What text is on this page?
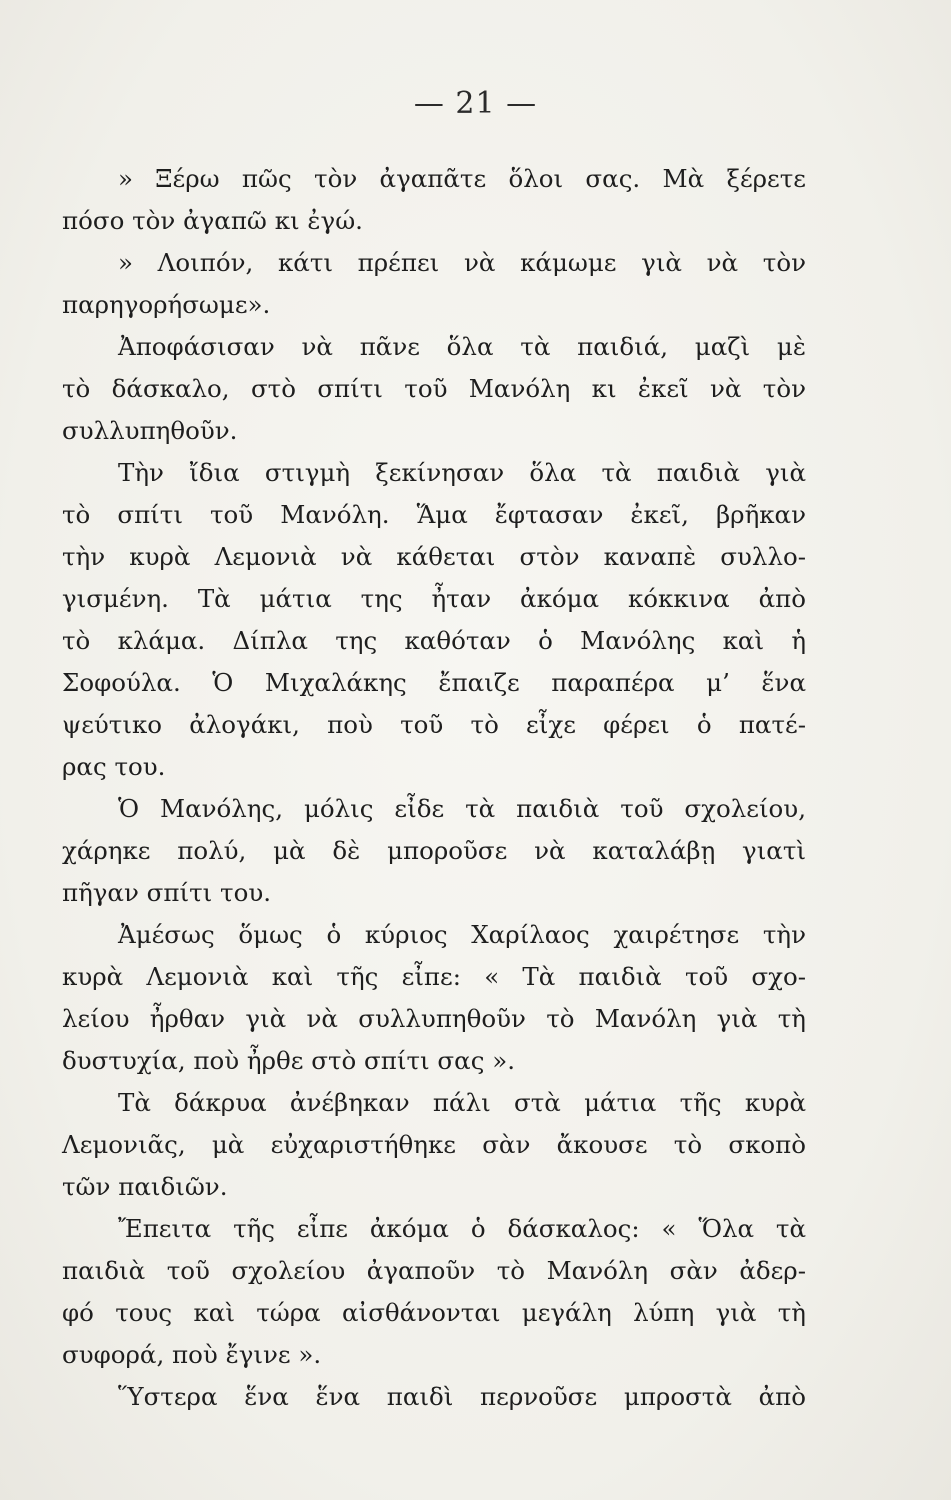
— 21 —
» Ξέρω πῶς τὸν ἀγαπᾶτε ὅλοι σας. Μὰ ξέρετε
πόσο τὸν ἀγαπῶ κι ἐγώ.
» Λοιπόν, κάτι πρέπει νὰ κάμωμε γιὰ νὰ τὸν
παρηγορήσωμε».
Ἀποφάσισαν νὰ πᾶνε ὅλα τὰ παιδιά, μαζὶ μὲ
τὸ δάσκαλο, στὸ σπίτι τοῦ Μανόλη κι ἐκεῖ νὰ τὸν
συλλυπηθοῦν.
Τὴν ἴδια στιγμὴ ξεκίνησαν ὅλα τὰ παιδιὰ γιὰ
τὸ σπίτι τοῦ Μανόλη. Ἅμα ἔφτασαν ἐκεῖ, βρῆκαν
τὴν κυρὰ Λεμονιὰ νὰ κάθεται στὸν καναπὲ συλλο-
γισμένη. Τὰ μάτια της ἦταν ἀκόμα κόκκινα ἀπὸ
τὸ κλάμα. Δίπλα της καθόταν ὁ Μανόλης καὶ ἡ
Σοφούλα. Ὁ Μιχαλάκης ἔπαιζε παραπέρα μ’ ἕνα
ψεύτικο ἀλογάκι, ποὺ τοῦ τὸ εἶχε φέρει ὁ πατέ-
ρας του.
Ὁ Μανόλης, μόλις εἶδε τὰ παιδιὰ τοῦ σχολείου,
χάρηκε πολύ, μὰ δὲ μποροῦσε νὰ καταλάβῃ γιατὶ
πῆγαν σπίτι του.
Ἀμέσως ὅμως ὁ κύριος Χαρίλαος χαιρέτησε τὴν
κυρὰ Λεμονιὰ καὶ τῆς εἶπε: « Τὰ παιδιὰ τοῦ σχο-
λείου ἦρθαν γιὰ νὰ συλλυπηθοῦν τὸ Μανόλη γιὰ τὴ
δυστυχία, ποὺ ἦρθε στὸ σπίτι σας ».
Τὰ δάκρυα ἀνέβηκαν πάλι στὰ μάτια τῆς κυρὰ
Λεμονιᾶς, μὰ εὐχαριστήθηκε σὰν ἄκουσε τὸ σκοπὸ
τῶν παιδιῶν.
Ἔπειτα τῆς εἶπε ἀκόμα ὁ δάσκαλος: « Ὅλα τὰ
παιδιὰ τοῦ σχολείου ἀγαποῦν τὸ Μανόλη σὰν ἀδερ-
φό τους καὶ τώρα αἰσθάνονται μεγάλη λύπη γιὰ τὴ
συφορά, ποὺ ἔγινε ».
Ὕστερα ἕνα ἕνα παιδὶ περνοῦσε μπροστὰ ἀπὸ
